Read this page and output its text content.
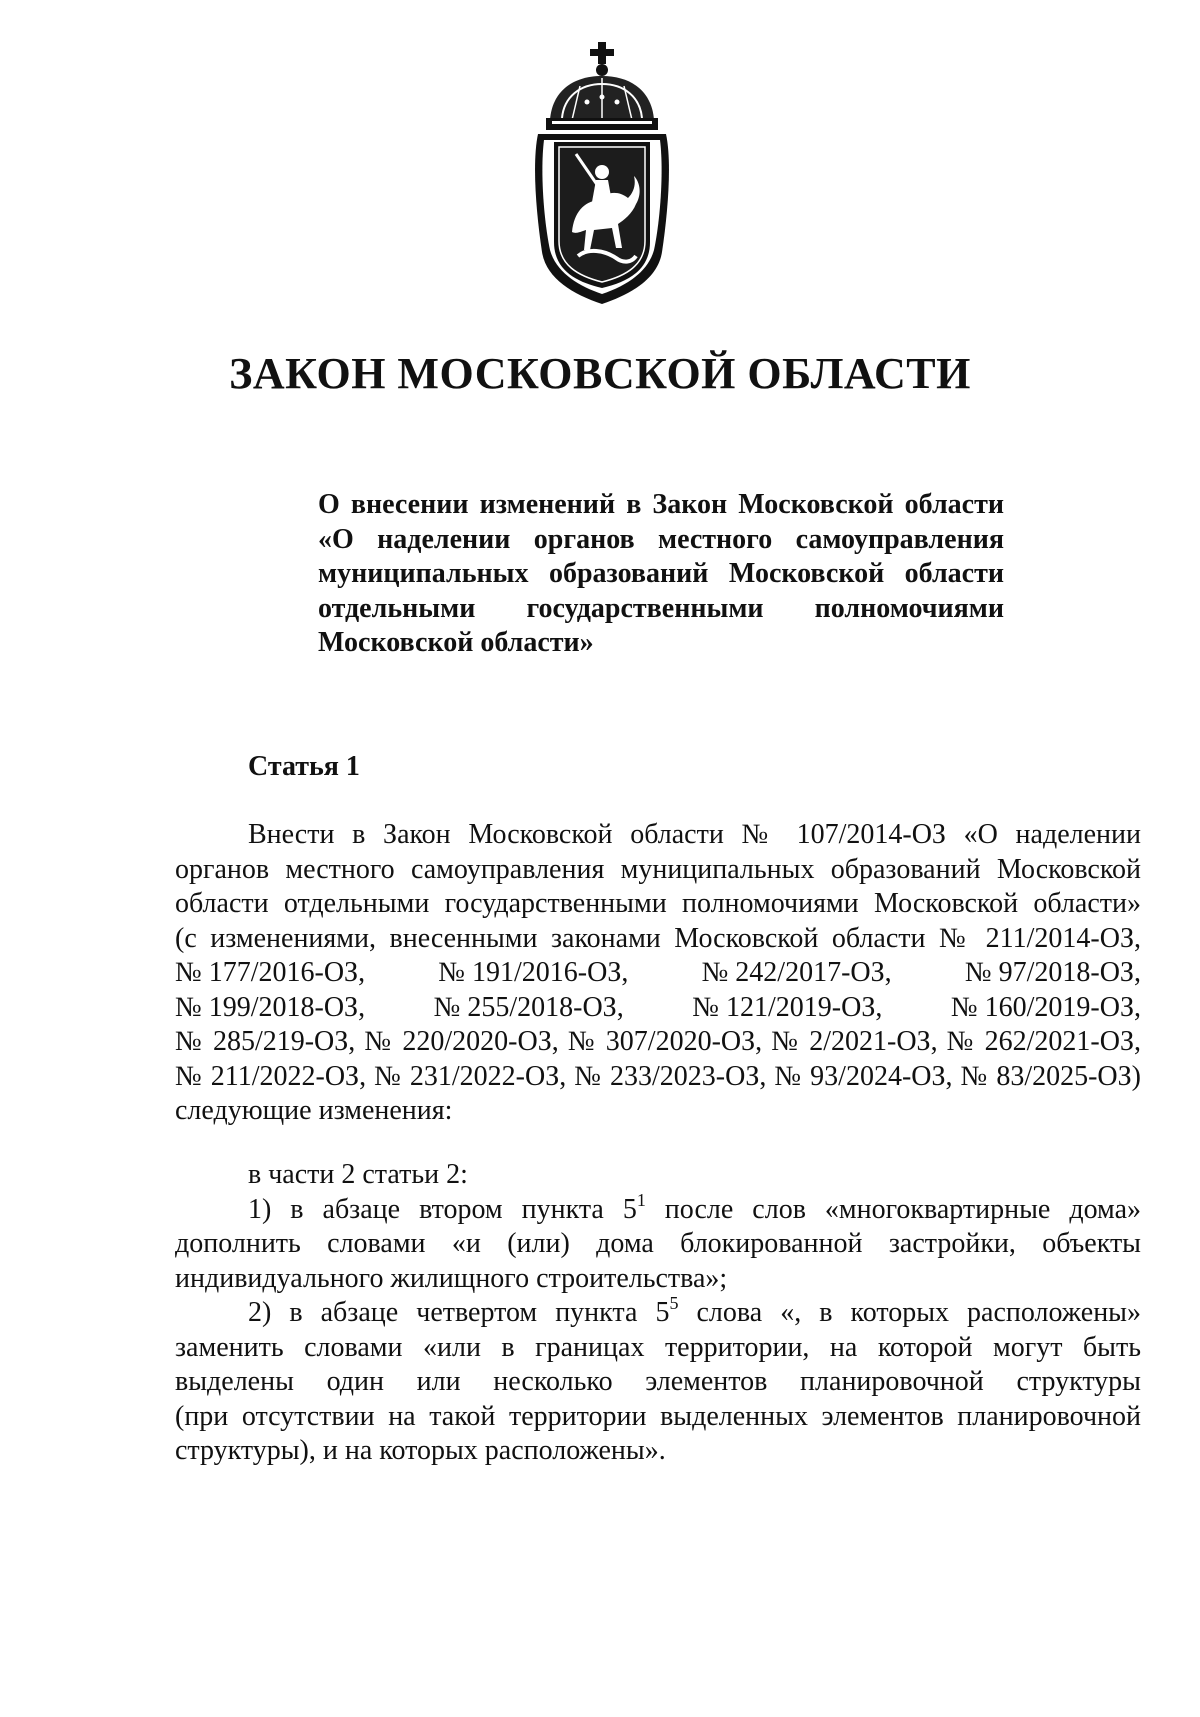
ЗАКОН МОСКОВСКОЙ ОБЛАСТИ
О внесении изменений в Закон Московской области
«О наделении органов местного самоуправления
муниципальных образований Московской области
отдельными государственными полномочиями
Московской области»
Статья 1
Внести в Закон Московской области № 107/2014-ОЗ «О наделении
органов местного самоуправления муниципальных образований Московской
области отдельными государственными полномочиями Московской области»
(с изменениями, внесенными законами Московской области № 211/2014-ОЗ,
№ 177/2016-ОЗ,	№ 191/2016-ОЗ,	№ 242/2017-ОЗ,	№ 97/2018-ОЗ,
№ 199/2018-ОЗ, № 255/2018-ОЗ, № 121/2019-ОЗ, № 160/2019-ОЗ,
№ 285/219-ОЗ, № 220/2020-ОЗ, № 307/2020-ОЗ, № 2/2021-ОЗ, № 262/2021-ОЗ,
№ 211/2022-ОЗ, № 231/2022-ОЗ, № 233/2023-ОЗ, № 93/2024-ОЗ, № 83/2025-ОЗ)
следующие изменения:
в части 2 статьи 2:
1) в абзаце втором пункта $5^1$ после слов «многоквартирные дома»
дополнить словами «и (или) дома блокированной застройки, объекты
индивидуального жилищного строительства»;
2) в абзаце четвертом пункта $5^5$ слова «, в которых расположены»
заменить словами «или в границах территории, на которой могут быть
выделены один или несколько элементов планировочной структуры
(при отсутствии на такой территории выделенных элементов планировочной
структуры), и на которых расположены».
